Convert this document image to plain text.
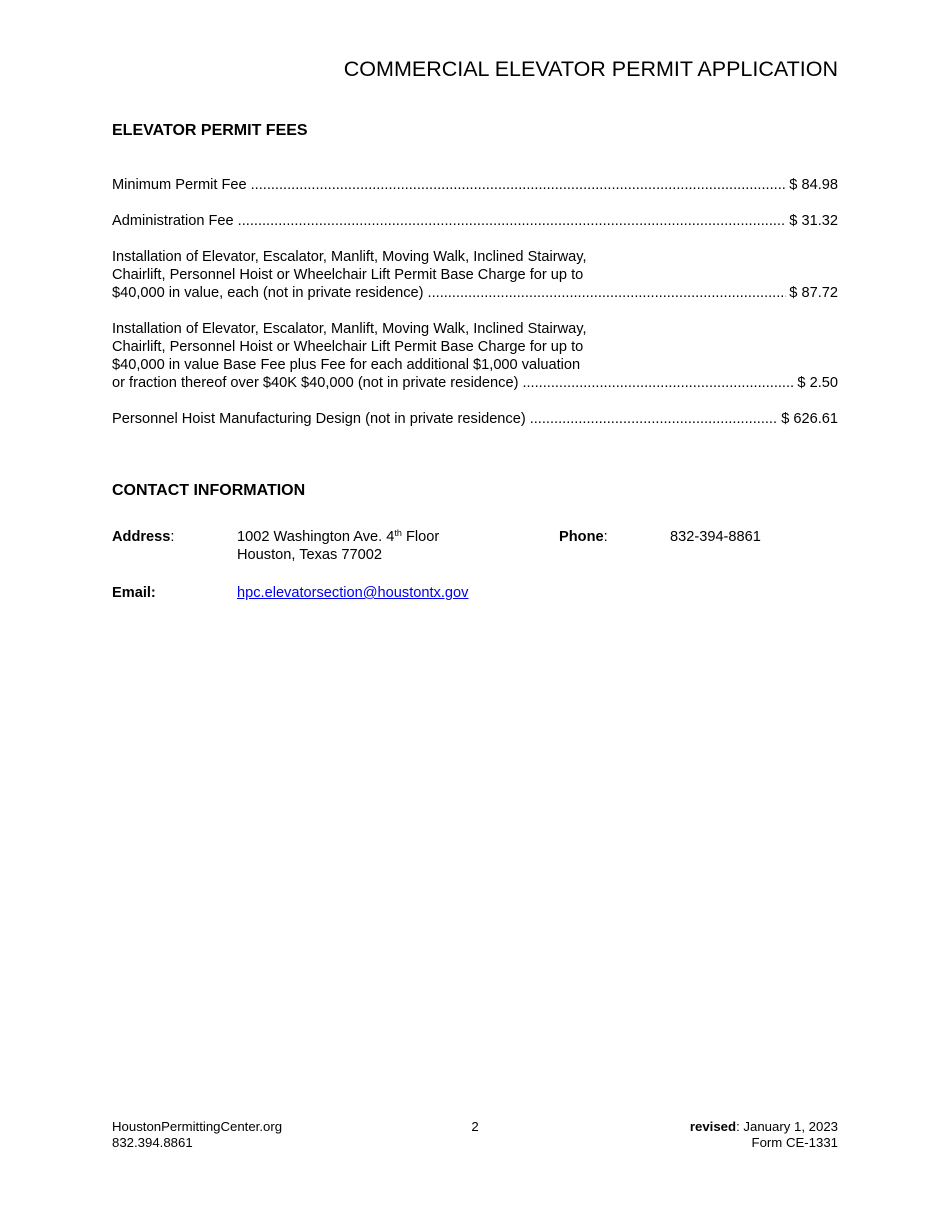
COMMERCIAL ELEVATOR PERMIT APPLICATION
ELEVATOR PERMIT FEES
Minimum Permit Fee .....	$ 84.98
Administration Fee .....	$ 31.32
Installation of Elevator, Escalator, Manlift, Moving Walk, Inclined Stairway,
Chairlift, Personnel Hoist or Wheelchair Lift Permit Base Charge for up to
$40,000 in value, each (not in private residence) .....	$ 87.72
Installation of Elevator, Escalator, Manlift, Moving Walk, Inclined Stairway,
Chairlift, Personnel Hoist or Wheelchair Lift Permit Base Charge for up to
$40,000 in value Base Fee plus Fee for each additional $1,000 valuation
or fraction thereof over $40K $40,000 (not in private residence) .....	$ 2.50
Personnel Hoist Manufacturing Design (not in private residence) .....	$ 626.61
CONTACT INFORMATION
Address:	1002 Washington Ave. 4th Floor
Houston, Texas 77002
Phone:	832-394-8861
Email:	hpc.elevatorsection@houstontx.gov
HoustonPermittingCenter.org
832.394.8861
2	revised: January 1, 2023
Form CE-1331
